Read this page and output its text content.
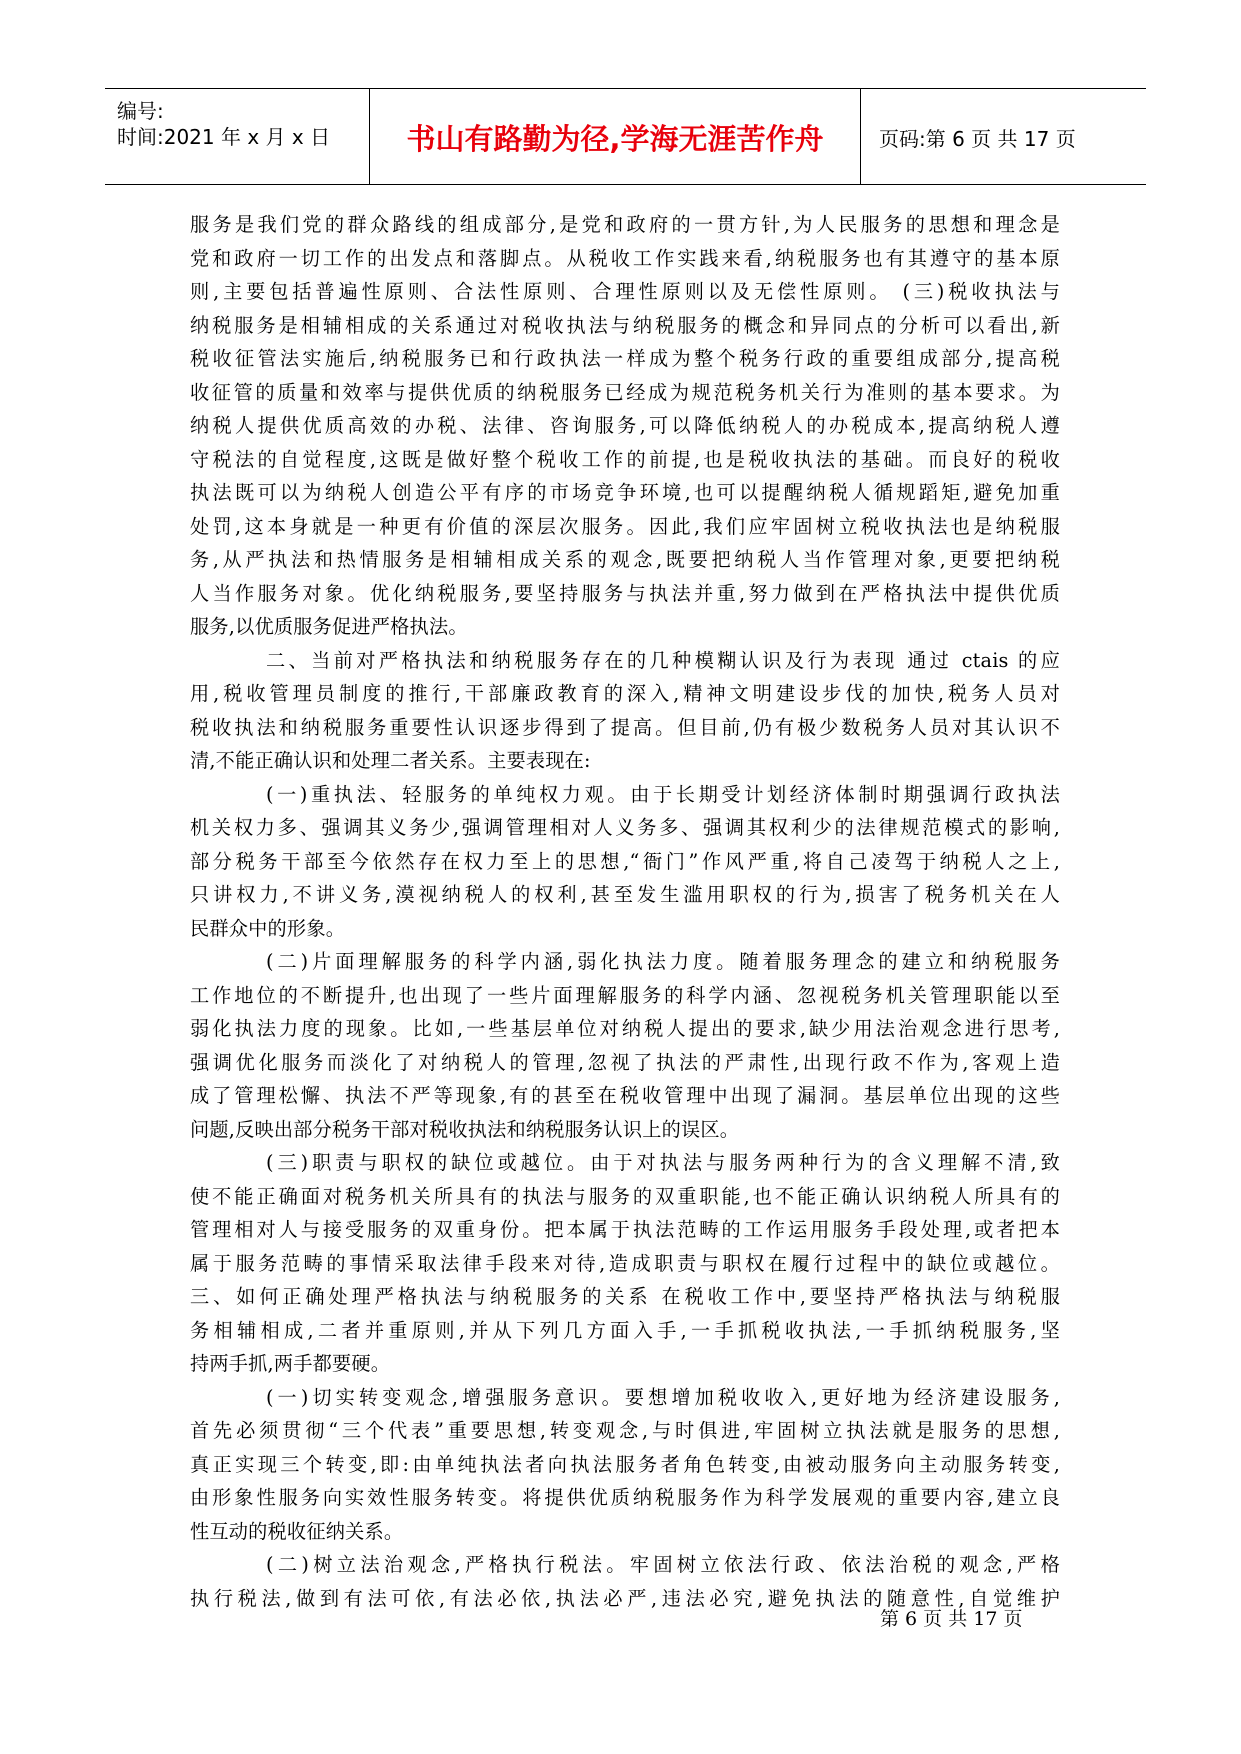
编号:
时间:2021 年 x 月 x 日	书山有路勤为径,学海无涯苦作舟	页码:第 6 页 共 17 页

服务是我们党的群众路线的组成部分,是党和政府的一贯方针,为人民服务的思想和理念是

党和政府一切工作的出发点和落脚点。从税收工作实践来看,纳税服务也有其遵守的基本原

则,主要包括普遍性原则、合法性原则、合理性原则以及无偿性原则。 (三)税收执法与

纳税服务是相辅相成的关系通过对税收执法与纳税服务的概念和异同点的分析可以看出,新

税收征管法实施后,纳税服务已和行政执法一样成为整个税务行政的重要组成部分,提高税

收征管的质量和效率与提供优质的纳税服务已经成为规范税务机关行为准则的基本要求。为

纳税人提供优质高效的办税、法律、咨询服务,可以降低纳税人的办税成本,提高纳税人遵

守税法的自觉程度,这既是做好整个税收工作的前提,也是税收执法的基础。而良好的税收

执法既可以为纳税人创造公平有序的市场竞争环境,也可以提醒纳税人循规蹈矩,避免加重

处罚,这本身就是一种更有价值的深层次服务。因此,我们应牢固树立税收执法也是纳税服

务,从严执法和热情服务是相辅相成关系的观念,既要把纳税人当作管理对象,更要把纳税

人当作服务对象。优化纳税服务,要坚持服务与执法并重,努力做到在严格执法中提供优质

服务,以优质服务促进严格执法。

二、当前对严格执法和纳税服务存在的几种模糊认识及行为表现 通过 ctais 的应

用,税收管理员制度的推行,干部廉政教育的深入,精神文明建设步伐的加快,税务人员对

税收执法和纳税服务重要性认识逐步得到了提高。但目前,仍有极少数税务人员对其认识不

清,不能正确认识和处理二者关系。主要表现在:

(一)重执法、轻服务的单纯权力观。由于长期受计划经济体制时期强调行政执法

机关权力多、强调其义务少,强调管理相对人义务多、强调其权利少的法律规范模式的影响,

部分税务干部至今依然存在权力至上的思想,“衙门”作风严重,将自己凌驾于纳税人之上,

只讲权力,不讲义务,漠视纳税人的权利,甚至发生滥用职权的行为,损害了税务机关在人

民群众中的形象。

(二)片面理解服务的科学内涵,弱化执法力度。随着服务理念的建立和纳税服务

工作地位的不断提升,也出现了一些片面理解服务的科学内涵、忽视税务机关管理职能以至

弱化执法力度的现象。比如,一些基层单位对纳税人提出的要求,缺少用法治观念进行思考,

强调优化服务而淡化了对纳税人的管理,忽视了执法的严肃性,出现行政不作为,客观上造

成了管理松懈、执法不严等现象,有的甚至在税收管理中出现了漏洞。基层单位出现的这些

问题,反映出部分税务干部对税收执法和纳税服务认识上的误区。

(三)职责与职权的缺位或越位。由于对执法与服务两种行为的含义理解不清,致

使不能正确面对税务机关所具有的执法与服务的双重职能,也不能正确认识纳税人所具有的

管理相对人与接受服务的双重身份。把本属于执法范畴的工作运用服务手段处理,或者把本

属于服务范畴的事情采取法律手段来对待,造成职责与职权在履行过程中的缺位或越位。

三、如何正确处理严格执法与纳税服务的关系 在税收工作中,要坚持严格执法与纳税服

务相辅相成,二者并重原则,并从下列几方面入手,一手抓税收执法,一手抓纳税服务,坚

持两手抓,两手都要硬。

(一)切实转变观念,增强服务意识。要想增加税收收入,更好地为经济建设服务,

首先必须贯彻“三个代表”重要思想,转变观念,与时俱进,牢固树立执法就是服务的思想,

真正实现三个转变,即:由单纯执法者向执法服务者角色转变,由被动服务向主动服务转变,

由形象性服务向实效性服务转变。将提供优质纳税服务作为科学发展观的重要内容,建立良

性互动的税收征纳关系。

(二)树立法治观念,严格执行税法。牢固树立依法行政、依法治税的观念,严格

执行税法,做到有法可依,有法必依,执法必严,违法必究,避免执法的随意性,自觉维护

第 6 页 共 17 页
